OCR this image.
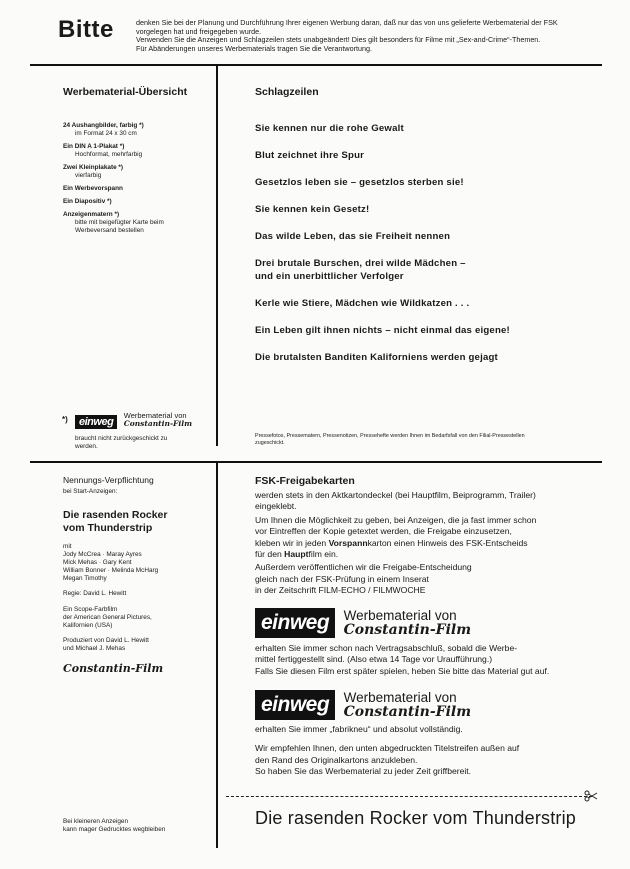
Bitte	denken Sie bei der Planung und Durchführung Ihrer eigenen Werbung daran, daß nur das von uns gelieferte Werbematerial der FSK
vorgelegen hat und freigegeben wurde.
Verwenden Sie die Anzeigen und Schlagzeilen stets unabgeändert! Dies gilt besonders für Filme mit „Sex-and-Crime“-Themen.
Für Abänderungen unseres Werbematerials tragen Sie die Verantwortung.
Werbematerial-Übersicht
24 Aushangbilder, farbig *)
im Format 24 x 30 cm
Ein DIN A 1-Plakat *)
Hochformat, mehrfarbig
Zwei Kleinplakate *)
vierfarbig
Ein Werbevorspann
Ein Diapositiv *)
Anzeigenmatern *)
bitte mit beigefügter Karte beim Werbeversand bestellen
*)	einweg
Werbematerial von
Constantin-Film
braucht nicht zurückgeschickt zu werden.
Schlagzeilen
Sie kennen nur die rohe Gewalt
Blut zeichnet ihre Spur
Gesetzlos leben sie – gesetzlos sterben sie!
Sie kennen kein Gesetz!
Das wilde Leben, das sie Freiheit nennen
Drei brutale Burschen, drei wilde Mädchen –
und ein unerbittlicher Verfolger
Kerle wie Stiere, Mädchen wie Wildkatzen . . .
Ein Leben gilt ihnen nichts – nicht einmal das eigene!
Die brutalsten Banditen Kaliforniens werden gejagt
Pressefotos, Pressematern, Pressenotizen, Pressehefte werden Ihnen im Bedarfsfall von den Filial-Pressestellen zugeschickt.
Nennungs-Verpflichtung
bei Start-Anzeigen:
Die rasenden Rocker
vom Thunderstrip
mit
Jody McCrea · Maray Ayres
Mick Mehas · Gary Kent
William Bonner · Melinda McHarg
Megan Timothy
Regie: David L. Hewitt
Ein Scope-Farbfilm
der American General Pictures,
Kalifornien (USA)
Produziert von David L. Hewitt
und Michael J. Mehas
Constantin-Film
Bei kleineren Anzeigen
kann mager Gedrucktes wegbleiben
FSK-Freigabekarten

werden stets in den Aktkartondeckel (bei Hauptfilm, Beiprogramm, Trailer)
eingeklebt.

Um Ihnen die Möglichkeit zu geben, bei Anzeigen, die ja fast immer schon
vor Eintreffen der Kopie getextet werden, die Freigabe einzusetzen,
kleben wir in jeden Vorspannkarton einen Hinweis des FSK-Entscheids
für den Hauptfilm ein.

Außerdem veröffentlichen wir die Freigabe-Entscheidung
gleich nach der FSK-Prüfung in einem Inserat
in der Zeitschrift FILM-ECHO / FILMWOCHE

einweg Werbematerial von
Constantin-Film

erhalten Sie immer schon nach Vertragsabschluß, sobald die Werbe-
mittel fertiggestellt sind. (Also etwa 14 Tage vor Uraufführung.)
Falls Sie diesen Film erst später spielen, heben Sie bitte das Material gut auf.

einweg Werbematerial von
Constantin-Film

erhalten Sie immer „fabrikneu“ und absolut vollständig.

Wir empfehlen Ihnen, den unten abgedruckten Titelstreifen außen auf
den Rand des Originalkartons anzukleben.
So haben Sie das Werbematerial zu jeder Zeit griffbereit.

Die rasenden Rocker vom Thunderstrip
